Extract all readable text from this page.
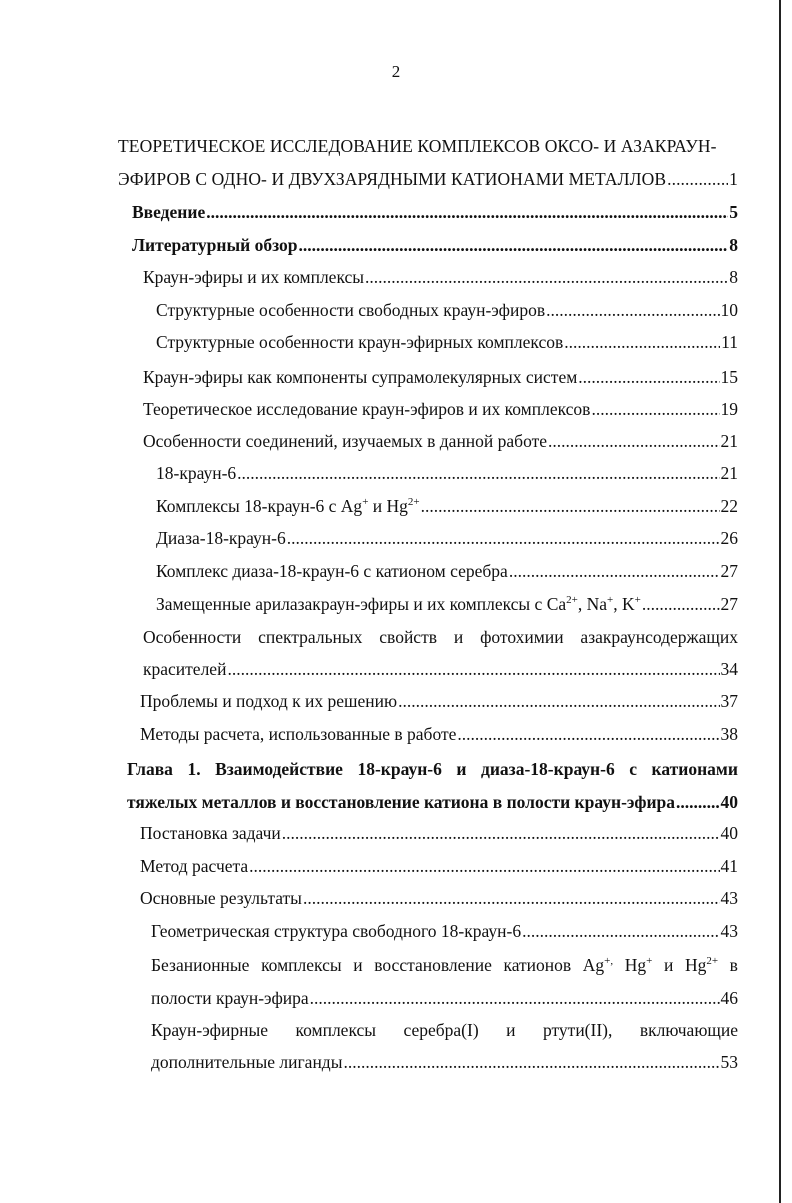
2
ТЕОРЕТИЧЕСКОЕ ИССЛЕДОВАНИЕ КОМПЛЕКСОВ ОКСО- И АЗАКРАУН-
ЭФИРОВ С ОДНО- И ДВУХЗАРЯДНЫМИ КАТИОНАМИ МЕТАЛЛОВ .....	1
Введение .....	5
Литературный обзор .....	8
Краун-эфиры и их комплексы .....	8
Структурные особенности свободных краун-эфиров .....	10
Структурные особенности краун-эфирных комплексов .....	11
Краун-эфиры как компоненты супрамолекулярных систем .....	15
Теоретическое исследование краун-эфиров и их комплексов .....	19
Особенности соединений, изучаемых в данной работе .....	21
18-краун-6 .....	21
Комплексы 18-краун-6 с Ag+ и $Hg^{2+}$ .....	22
Диаза-18-краун-6 .....	26
Комплекс диаза-18-краун-6 с катионом серебра .....	27
Замещенные арилазакраун-эфиры и их комплексы с $Ca^{2+}$, Na+, K+ .....	27
Особенности спектральных свойств и фотохимии азакраунсодержащих
красителей .....	34
Проблемы и подход к их решению .....	37
Методы расчета, использованные в работе .....	38
Глава 1. Взаимодействие 18-краун-6 и диаза-18-краун-6 с катионами
тяжелых металлов и восстановление катиона в полости краун-эфира .....	40
Постановка задачи .....	40
Метод расчета .....	41
Основные результаты .....	43
Геометрическая структура свободного 18-краун-6 .....	43
Безанионные комплексы и восстановление катионов Ag+, Hg+ и $Hg^{2+}$ в
полости краун-эфира .....	46
Краун-эфирные комплексы серебра(I) и ртути(II), включающие
дополнительные лиганды .....	53
